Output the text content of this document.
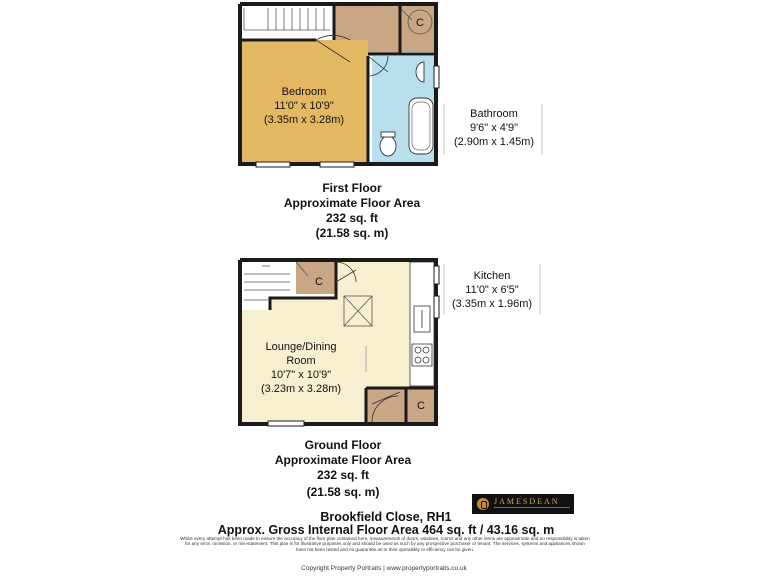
C
Bedroom
11'0" x 10'9"
(3.35m x 3.28m)	Bathroom
9'6" x 4'9"
(2.90m x 1.45m)
First Floor
Approximate Floor Area
232 sq. ft
(21.58 sq. m)
C
C
Lounge/Dining
Room
10'7" x 10'9"
(3.23m x 3.28m)
Kitchen
11'0" x 6'5"
(3.35m x 1.96m)
Ground Floor
Approximate Floor Area
232 sq. ft
(21.58 sq. m)
Brookfield Close, RH1
Approx. Gross Internal Floor Area 464 sq. ft / 43.16 sq. m
JAMESDEAN
Whilst every attempt has been made to ensure the accuracy of the floor plan contained here, measurements of doors, windows, rooms and any other items are approximate and no responsibility is taken for any error, omission, or mis-statement. This plan is for illustrative purposes only and should be used as such by any prospective purchaser or tenant. The services, systems and appliances shown have not been tested and no guarantee as to their operability or efficiency can be given.
Copyright Property Portraits | www.propertyportraits.co.uk
